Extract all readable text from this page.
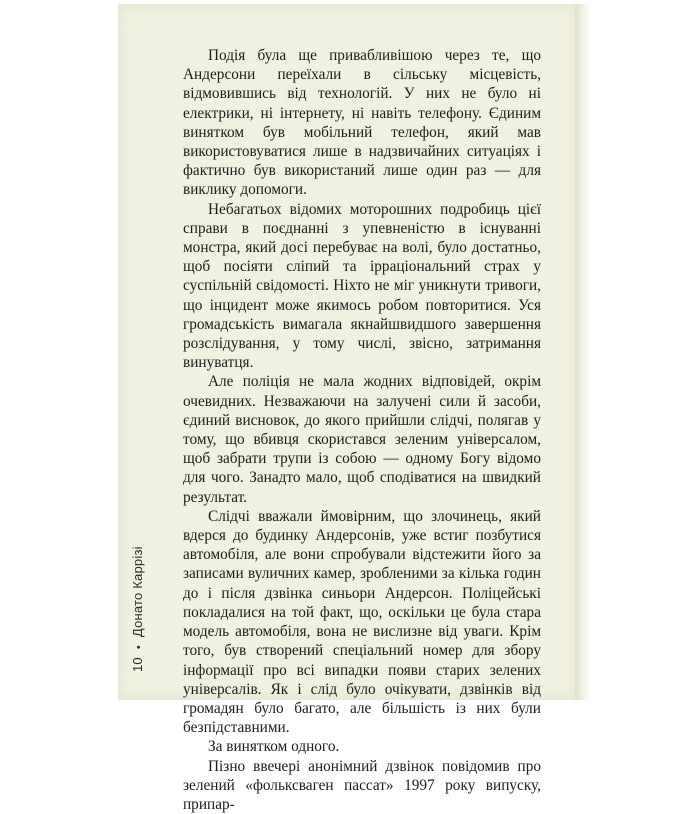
Подія була ще привабливішою через те, що Андерсони переїхали в сільську місцевість, відмовившись від технологій. У них не було ні електрики, ні інтернету, ні навіть телефону. Єдиним винятком був мобільний телефон, який мав використовуватися лише в надзвичайних ситуаціях і фактично був використаний лише один раз — для виклику допомоги.

Небагатьох відомих моторошних подробиць цієї справи в поєднанні з упевненістю в існуванні монстра, який досі перебуває на волі, було достатньо, щоб посіяти сліпий та ірраціональний страх у суспільній свідомості. Ніхто не міг уникнути тривоги, що інцидент може якимось робом повторитися. Уся громадськість вимагала якнайшвидшого завершення розслідування, у тому числі, звісно, затримання винуватця.

Але поліція не мала жодних відповідей, окрім очевидних. Незважаючи на залучені сили й засоби, єдиний висновок, до якого прийшли слідчі, полягав у тому, що вбивця скористався зеленим універсалом, щоб забрати трупи із собою — одному Богу відомо для чого. Занадто мало, щоб сподіватися на швидкий результат.

Слідчі вважали ймовірним, що злочинець, який вдерся до будинку Андерсонів, уже встиг позбутися автомобіля, але вони спробували відстежити його за записами вуличних камер, зробленими за кілька годин до і після дзвінка синьори Андерсон. Поліцейські покладалися на той факт, що, оскільки це була стара модель автомобіля, вона не вислизне від уваги. Крім того, був створений спеціальний номер для збору інформації про всі випадки появи старих зелених універсалів. Як і слід було очікувати, дзвінків від громадян було багато, але більшість із них були безпідставними.

За винятком одного.

Пізно ввечері анонімний дзвінок повідомив про зелений «фольксваген пассат» 1997 року випуску, припар-

10•Донато Каррізі
